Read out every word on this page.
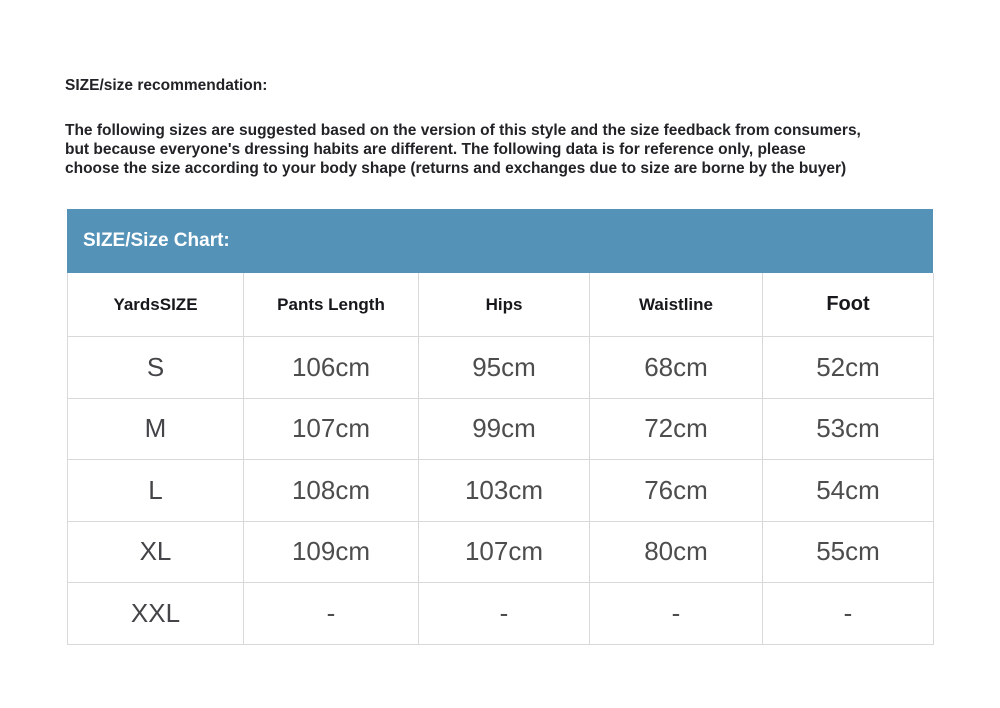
SIZE/size recommendation:
The following sizes are suggested based on the version of this style and the size feedback from consumers,
but because everyone's dressing habits are different. The following data is for reference only, please
choose the size according to your body shape (returns and exchanges due to size are borne by the buyer)
SIZE/Size Chart:
YardsSIZE	Pants Length	Hips	Waistline	Foot
S	106cm	95cm	68cm	52cm
M	107cm	99cm	72cm	53cm
L	108cm	103cm	76cm	54cm
XL	109cm	107cm	80cm	55cm
XXL	-	-	-	-
